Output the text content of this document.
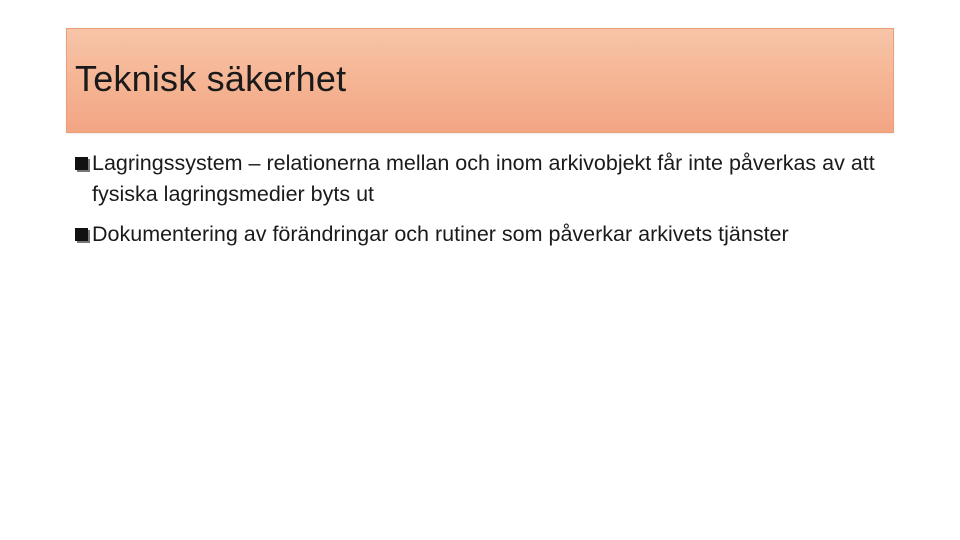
Teknisk säkerhet
Lagringssystem – relationerna mellan och inom arkivobjekt får inte påverkas av att fysiska lagringsmedier byts ut
Dokumentering av förändringar och rutiner som påverkar arkivets tjänster
